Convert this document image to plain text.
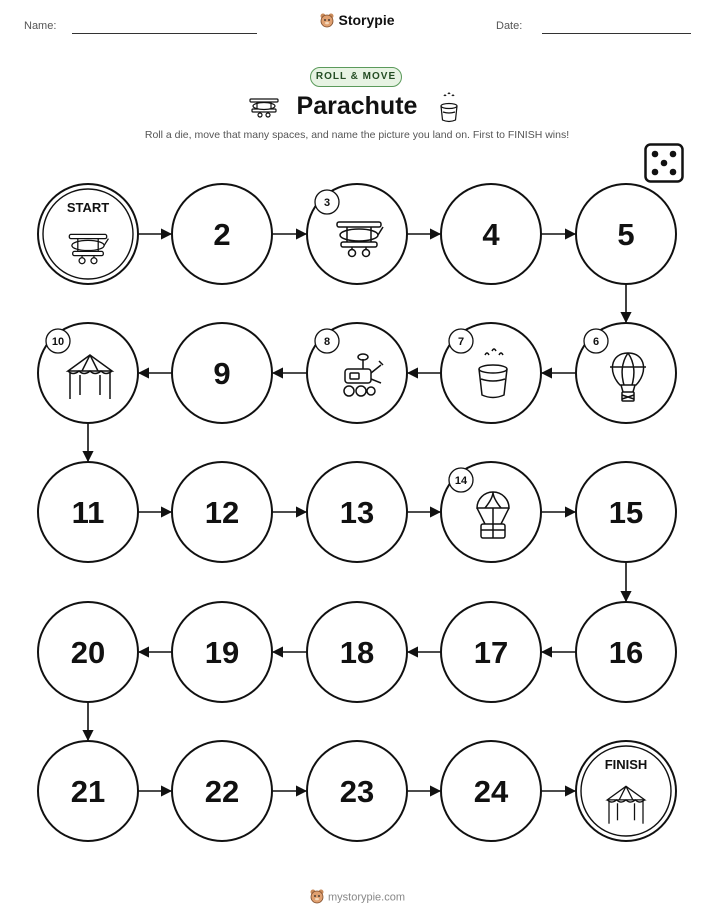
Name:	Storypie	Date:
ROLL & MOVE
Parachute
Roll a die, move that many spaces, and name the picture you land on. First to FINISH wins!
START
2
3
4	5
6
7
8
9
10
11	12	13
14
15
16
17
18
19
20
21	22	23	24
FINISH
mystorypie.com
